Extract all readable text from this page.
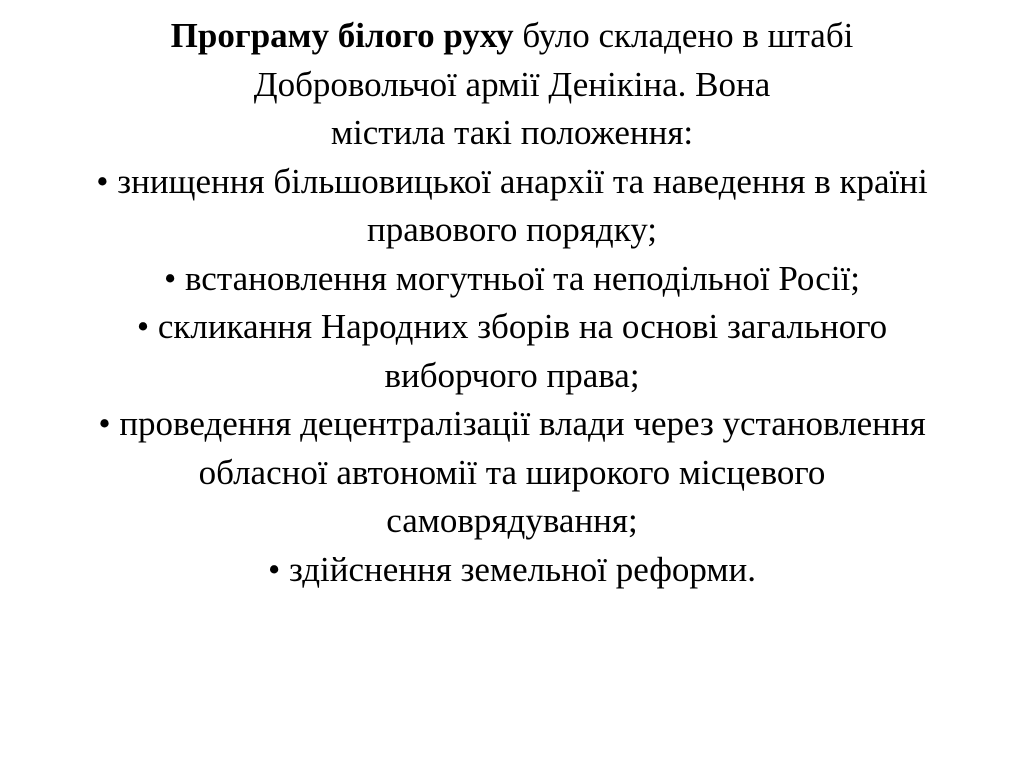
Програму білого руху було складено в штабі
Добровольчої армії Денікіна. Вона
містила такі положення:
• знищення більшовицької анархії та наведення в країні
правового порядку;
• встановлення могутньої та неподільної Росії;
• скликання Народних зборів на основі загального
виборчого права;
• проведення децентралізації влади через установлення
обласної автономії та широкого місцевого
самоврядування;
• здійснення земельної реформи.
